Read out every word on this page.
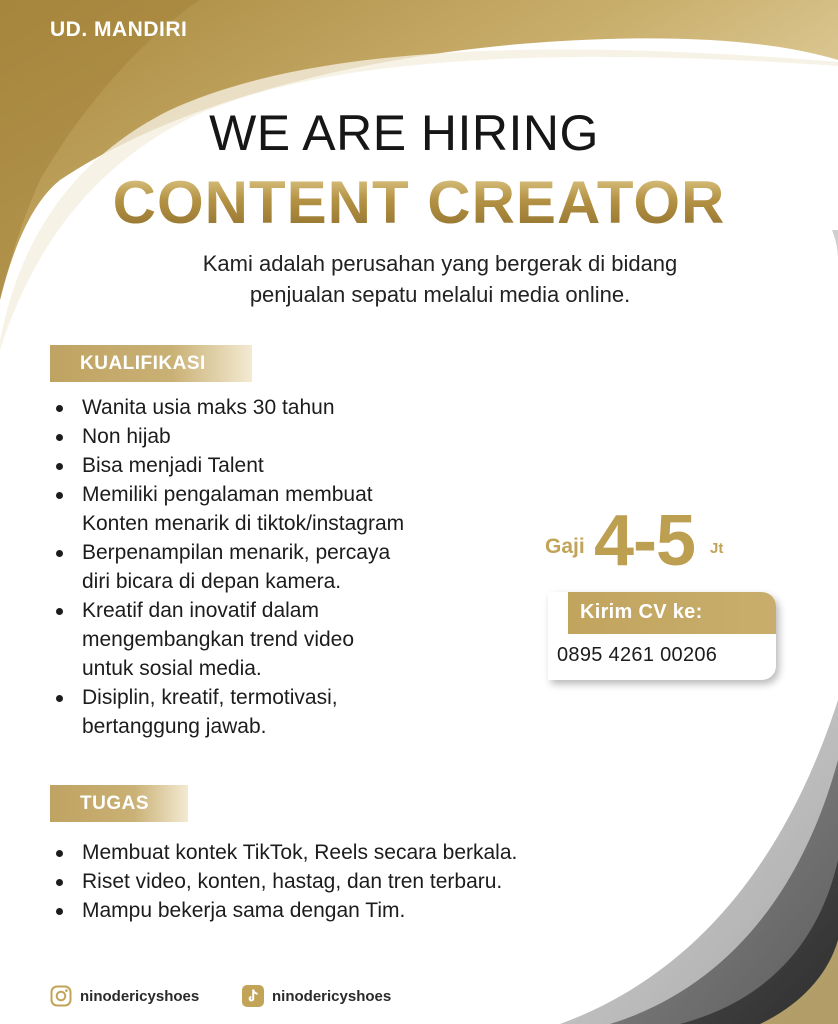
UD. MANDIRI
WE ARE HIRING
CONTENT CREATOR
Kami adalah perusahan yang bergerak di bidang
penjualan sepatu melalui media online.
KUALIFIKASI
Wanita usia maks 30 tahun
Non hijab
Bisa menjadi Talent
Memiliki pengalaman membuat
Konten menarik di tiktok/instagram
Berpenampilan menarik, percaya
diri bicara di depan kamera.
Kreatif dan inovatif dalam
mengembangkan trend video
untuk sosial media.
Disiplin, kreatif, termotivasi,
bertanggung jawab.
Gaji 4-5 Jt
Kirim CV ke:
0895 4261 00206
TUGAS
Membuat kontek TikTok, Reels secara berkala.
Riset video, konten, hastag, dan tren terbaru.
Mampu bekerja sama dengan Tim.
ninodericyshoes	ninodericyshoes
